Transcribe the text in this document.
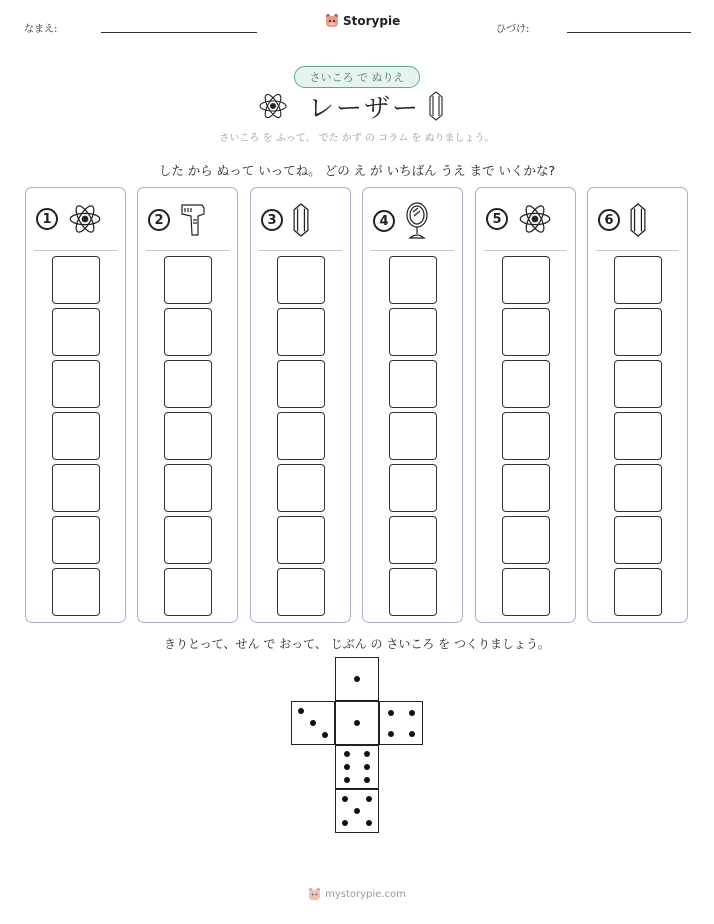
なまえ:
Storypie
ひづけ:
さいころ で ぬりえ
レーザー
さいころ を ふって、 でた かず の コラム を ぬりましょう。
した から ぬって いってね。 どの え が いちばん うえ まで いくかな?
1	2	3	4	5	6
きりとって、せん で おって、 じぶん の さいころ を つくりましょう。
mystorypie.com
